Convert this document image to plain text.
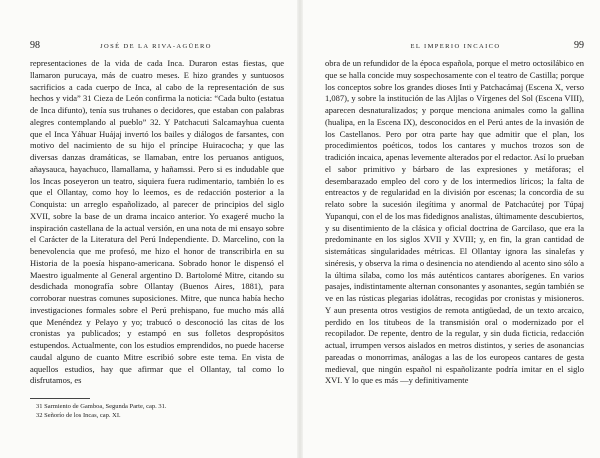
98	JOSÉ DE LA RIVA-AGÜERO

representaciones de la vida de cada Inca. Duraron estas fiestas, que llamaron purucaya, más de cuatro meses. E hizo grandes y suntuosos sacrificios a cada cuerpo de Inca, al cabo de la representación de sus hechos y vida” 31 Cieza de León confirma la noticia: “Cada bulto (estatua de Inca difunto), tenía sus truhanes o decidores, que estaban con palabras alegres contemplando al pueblo” 32. Y Patchacuti Salcamayhua cuenta que el Inca Yáhuar Huájaj invertó los bailes y diálogos de farsantes, con motivo del nacimiento de su hijo el príncipe Huiracocha; y que las diversas danzas dramáticas, se llamaban, entre los peruanos antiguos, añaysauca, hayachuco, llamallama, y hañamssi. Pero si es indudable que los Incas poseyeron un teatro, siquiera fuera rudimentario, también lo es que el Ollantay, como hoy lo leemos, es de redacción posterior a la Conquista: un arreglo españolizado, al parecer de principios del siglo XVII, sobre la base de un drama incaico anterior. Yo exageré mucho la inspiración castellana de la actual versión, en una nota de mi ensayo sobre el Carácter de la Literatura del Perú Independiente. D. Marcelino, con la benevolencia que me profesó, me hizo el honor de transcribirla en su Historia de la poesía hispano-americana. Sobrado honor le dispensó el Maestro igualmente al General argentino D. Bartolomé Mitre, citando su desdichada monografía sobre Ollantay (Buenos Aires, 1881), para corroborar nuestras comunes suposiciones. Mitre, que nunca había hecho investigaciones formales sobre el Perú prehispano, fue mucho más allá que Menéndez y Pelayo y yo; trabucó o desconoció las citas de los cronistas ya publicados; y estampó en sus folletos despropósitos estupendos. Actualmente, con los estudios emprendidos, no puede hacerse caudal alguno de cuanto Mitre escribió sobre este tema. En vista de aquellos estudios, hay que afirmar que el Ollantay, tal como lo disfrutamos, es

31 Sarmiento de Gamboa, Segunda Parte, cap. 31.
32 Señorío de los Incas, cap. XI.
EL IMPERIO INCAICO	99

obra de un refundidor de la época española, porque el metro octosilábico en que se halla concide muy sospechosamente con el teatro de Castilla; porque los conceptos sobre los grandes dioses Inti y Patchacámaj (Escena X, verso 1,087), y sobre la institución de las Aljlas o Vírgenes del Sol (Escena VIII), aparecen desnaturalizados; y porque menciona animales como la gallina (hualipa, en la Escena IX), desconocidos en el Perú antes de la invasión de los Castellanos. Pero por otra parte hay que admitir que el plan, los procedimientos poéticos, todos los cantares y muchos trozos son de tradición incaica, apenas levemente alterados por el redactor. Así lo prueban el sabor primitivo y bárbaro de las expresiones y metáforas; el desembarazado empleo del coro y de los intermedios líricos; la falta de entreactos y de regularidad en la división por escenas; la concordia de su relato sobre la sucesión ilegítima y anormal de Patchacútej por Túpaj Yupanqui, con el de los mas fidedignos analistas, últimamente descubiertos, y su disentimiento de la clásica y oficial doctrina de Garcilaso, que era la predominante en los siglos XVII y XVIII; y, en fin, la gran cantidad de sistemáticas singularidades métricas. El Ollantay ignora las sinalefas y sinéresis, y observa la rima o desinencia no atendiendo al acento sino sólo a la última sílaba, como los más auténticos cantares aborígenes. En varios pasajes, indistintamente alternan consonantes y asonantes, según también se ve en las rústicas plegarias idolátras, recogidas por cronistas y misioneros. Y aun presenta otros vestigios de remota antigüedad, de un texto arcaico, perdido en los titubeos de la transmisión oral o modernizado por el recopilador. De repente, dentro de la regular, y sin duda ficticia, redacción actual, irrumpen versos aislados en metros distintos, y series de asonancias pareadas o monorrimas, análogas a las de los europeos cantares de gesta medieval, que ningún español ni españolizante podría imitar en el siglo XVI. Y lo que es más —y definitivamente
